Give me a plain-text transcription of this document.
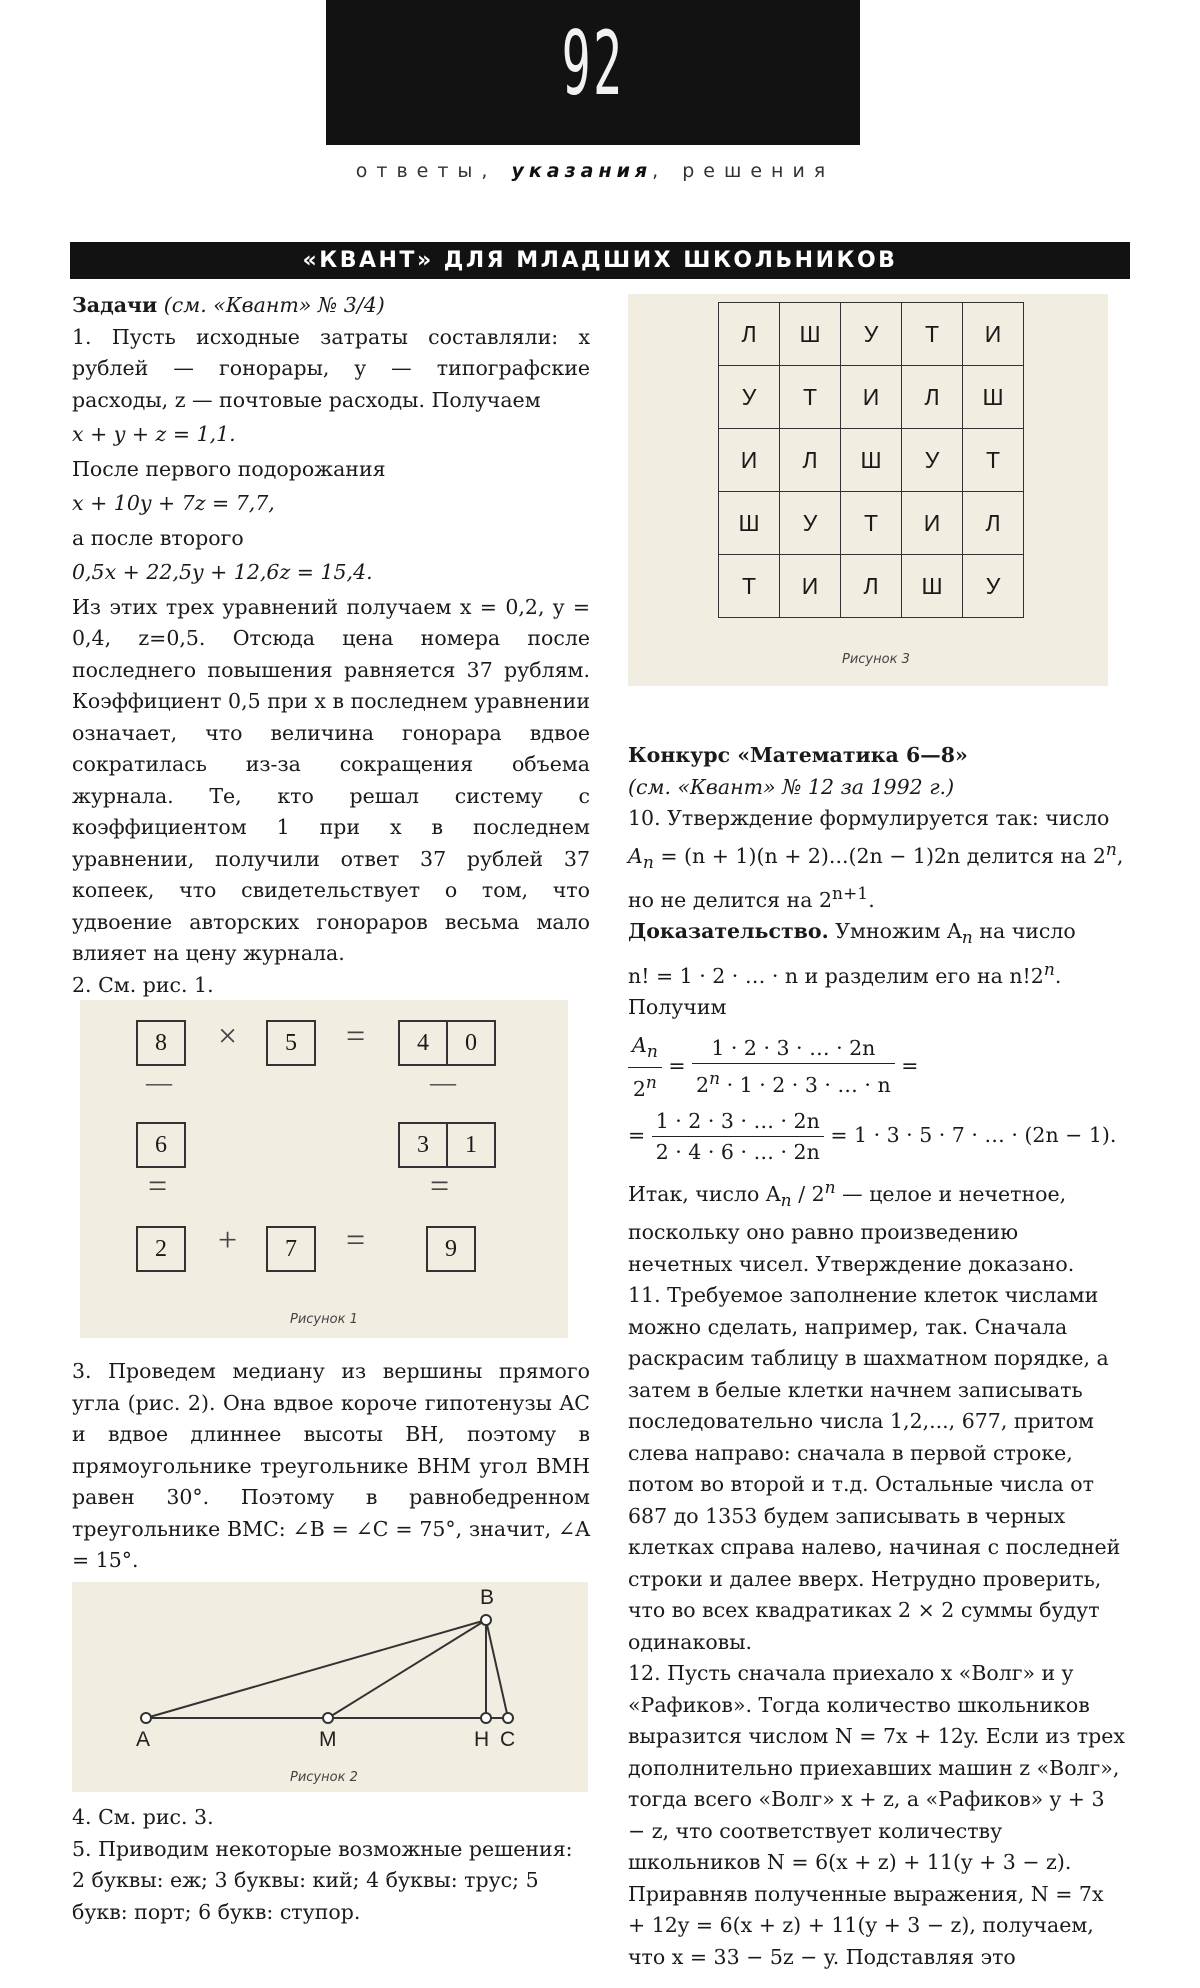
92
ответы, указания, решения
«КВАНТ» ДЛЯ МЛАДШИХ ШКОЛЬНИКОВ

Задачи (см. «Квант» № 3/4)

1. Пусть исходные затраты составляли: x рублей — гонорары, y — типографские расходы, z — почтовые расходы. Получаем

x + y + z = 1,1.

После первого подорожания

x + 10y + 7z = 7,7,

а после второго

0,5x + 22,5y + 12,6z = 15,4.

Из этих трех уравнений получаем x = 0,2, y = 0,4, z=0,5. Отсюда цена номера после последнего повышения равняется 37 рублям. Коэффициент 0,5 при x в последнем уравнении означает, что величина гонорара вдвое сократилась из-за сокращения объема журнала. Те, кто решал систему с коэффициентом 1 при x в последнем уравнении, получили ответ 37 рублей 37 копеек, что свидетельствует о том, что удвоение авторских гонораров весьма мало влияет на цену журнала.

2. См. рис. 1.

8	×	5	=	4	0
—	—
6	3	1
=	=
2	+	7	=	9
Рисунок 1

3. Проведем медиану из вершины прямого угла (рис. 2). Она вдвое короче гипотенузы AC и вдвое длиннее высоты BH, поэтому в прямоугольнике треугольнике BHM угол BMH равен 30°. Поэтому в равнобедренном треугольнике BMC: ∠B = ∠C = 75°, значит, ∠A = 15°.

A	M	H C
B
Рисунок 2

4. См. рис. 3.

5. Приводим некоторые возможные решения: 2 буквы: еж; 3 буквы: кий; 4 буквы: трус; 5 букв: порт; 6 букв: ступор.

Л	Ш	У	Т	И
У	Т	И	Л	Ш
И	Л	Ш	У	Т
Ш	У	Т	И	Л
Т	И	Л	Ш	У
Рисунок 3

Конкурс «Математика 6—8»

(см. «Квант» № 12 за 1992 г.)

10. Утверждение формулируется так: число

$A_n = (n + 1)(n + 2)...(2n - 1)2n$ делится на 2$^n$,

но не делится на $2^{n+1}$.

Доказательство. Умножим $A_n$ на число

n! = 1 · 2 · … · n и разделим его на n!2$^n$.

Получим

$\frac{A_n}{2^n} = \frac{1 \cdot 2 \cdot 3 \cdot \dots \cdot 2n}{2^n \cdot 1 \cdot 2 \cdot 3 \cdot \dots \cdot n}$ =
= $\frac{1 \cdot 2 \cdot 3 \cdot \dots \cdot 2n}{2 \cdot 4 \cdot 6 \cdot \dots \cdot 2n} = 1 \cdot 3 \cdot 5 \cdot 7$ · … · (2n − 1).

Итак, число $A_n / 2^n$ — целое и нечетное, поскольку оно равно произведению нечетных чисел. Утверждение доказано.

11. Требуемое заполнение клеток числами можно сделать, например, так. Сначала раскрасим таблицу в шахматном порядке, а затем в белые клетки начнем записывать последовательно числа 1,2,..., 677, притом слева направо: сначала в первой строке, потом во второй и т.д. Остальные числа от 687 до 1353 будем записывать в черных клетках справа налево, начиная с последней строки и далее вверх. Нетрудно проверить, что во всех квадратиках 2 × 2 суммы будут одинаковы.

12. Пусть сначала приехало x «Волг» и y «Рафиков». Тогда количество школьников выразится числом N = 7x + 12y. Если из трех дополнительно приехавших машин z «Волг», тогда всего «Волг» x + z, а «Рафиков» y + 3 − z, что соответствует количеству школьников N = 6(x + z) + 11(y + 3 − z). Приравняв полученные выражения, N = 7x + 12y = 6(x + z) + 11(y + 3 − z), получаем, что x = 33 − 5z − y. Подставляя это
